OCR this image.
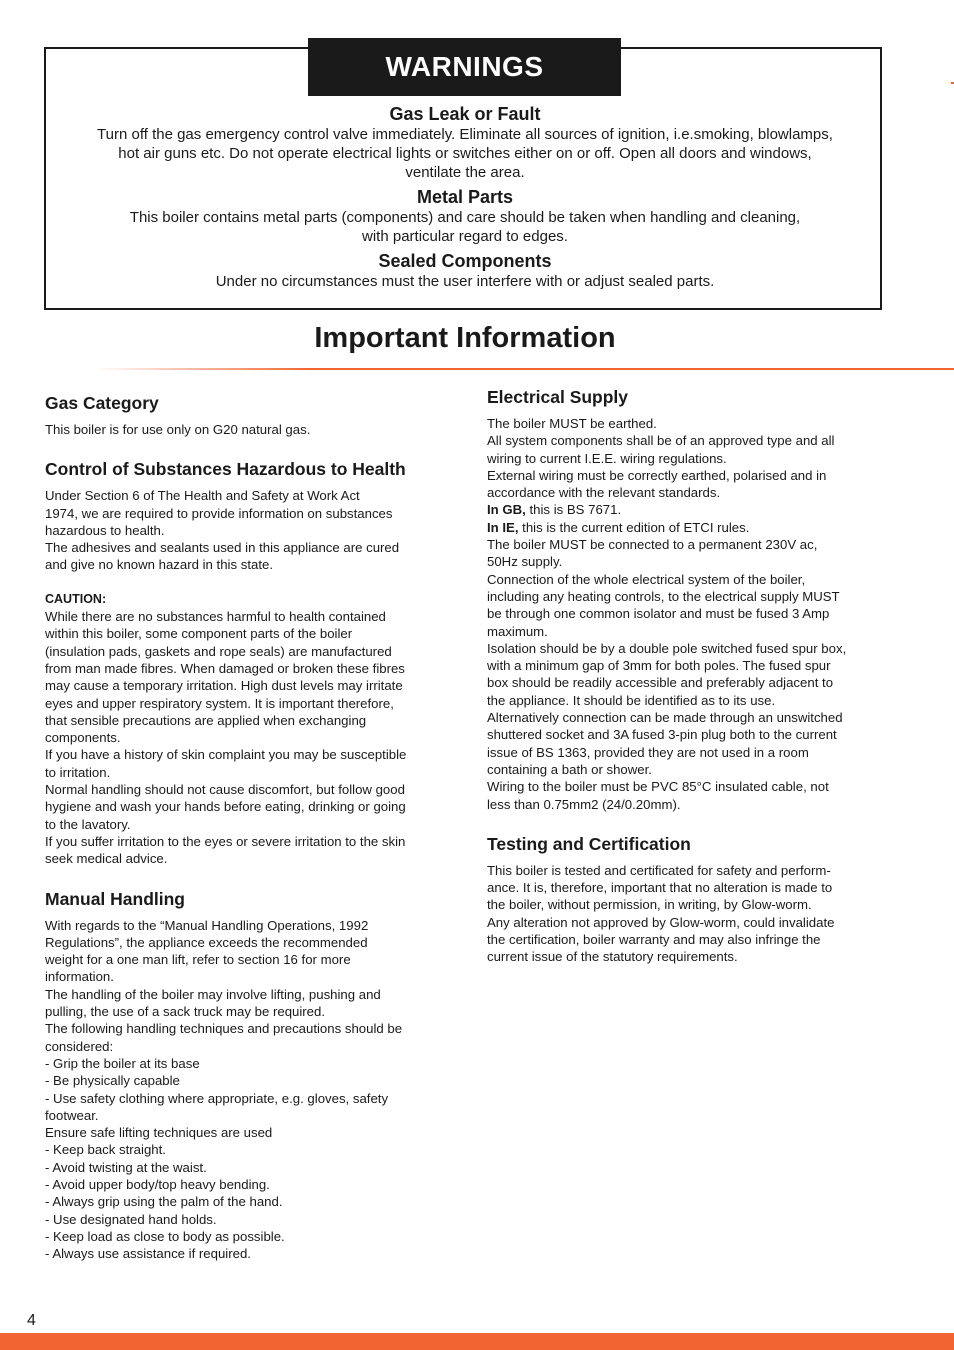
WARNINGS

Gas Leak or Fault

Turn off the gas emergency control valve immediately. Eliminate all sources of ignition, i.e.smoking, blowlamps,
hot air guns etc. Do not operate electrical lights or switches either on or off. Open all doors and windows,
ventilate the area.

Metal Parts

This boiler contains metal parts (components) and care should be taken when handling and cleaning,
with particular regard to edges.

Sealed Components

Under no circumstances must the user interfere with or adjust sealed parts.

Important Information
Gas Category

This boiler is for use only on G20 natural gas.

Control of Substances Hazardous to Health

Under Section 6 of The Health and Safety at Work Act
1974, we are required to provide information on substances
hazardous to health.
The adhesives and sealants used in this appliance are cured
and give no known hazard in this state.

CAUTION:

While there are no substances harmful to health contained
within this boiler, some component parts of the boiler
(insulation pads, gaskets and rope seals) are manufactured
from man made fibres. When damaged or broken these fibres
may cause a temporary irritation. High dust levels may irritate
eyes and upper respiratory system. It is important therefore,
that sensible precautions are applied when exchanging
components.
If you have a history of skin complaint you may be susceptible
to irritation.
Normal handling should not cause discomfort, but follow good
hygiene and wash your hands before eating, drinking or going
to the lavatory.
If you suffer irritation to the eyes or severe irritation to the skin
seek medical advice.

Manual Handling

With regards to the “Manual Handling Operations, 1992
Regulations”, the appliance exceeds the recommended
weight for a one man lift, refer to section 16 for more
information.
The handling of the boiler may involve lifting, pushing and
pulling, the use of a sack truck may be required.
The following handling techniques and precautions should be
considered:
- Grip the boiler at its base
- Be physically capable
- Use safety clothing where appropriate, e.g. gloves, safety
footwear.
Ensure safe lifting techniques are used
- Keep back straight.
- Avoid twisting at the waist.
- Avoid upper body/top heavy bending.
- Always grip using the palm of the hand.
- Use designated hand holds.
- Keep load as close to body as possible.
- Always use assistance if required.

Electrical Supply

The boiler MUST be earthed.
All system components shall be of an approved type and all
wiring to current I.E.E. wiring regulations.
External wiring must be correctly earthed, polarised and in
accordance with the relevant standards.

In GB, this is BS 7671.

In IE, this is the current edition of ETCI rules.

The boiler MUST be connected to a permanent 230V ac,
50Hz supply.
Connection of the whole electrical system of the boiler,
including any heating controls, to the electrical supply MUST
be through one common isolator and must be fused 3 Amp
maximum.
Isolation should be by a double pole switched fused spur box,
with a minimum gap of 3mm for both poles. The fused spur
box should be readily accessible and preferably adjacent to
the appliance. It should be identified as to its use.
Alternatively connection can be made through an unswitched
shuttered socket and 3A fused 3-pin plug both to the current
issue of BS 1363, provided they are not used in a room
containing a bath or shower.
Wiring to the boiler must be PVC 85°C insulated cable, not
less than 0.75mm2 (24/0.20mm).

Testing and Certification

This boiler is tested and certificated for safety and perform-
ance. It is, therefore, important that no alteration is made to
the boiler, without permission, in writing, by Glow-worm.
Any alteration not approved by Glow-worm, could invalidate
the certification, boiler warranty and may also infringe the
current issue of the statutory requirements.

4
